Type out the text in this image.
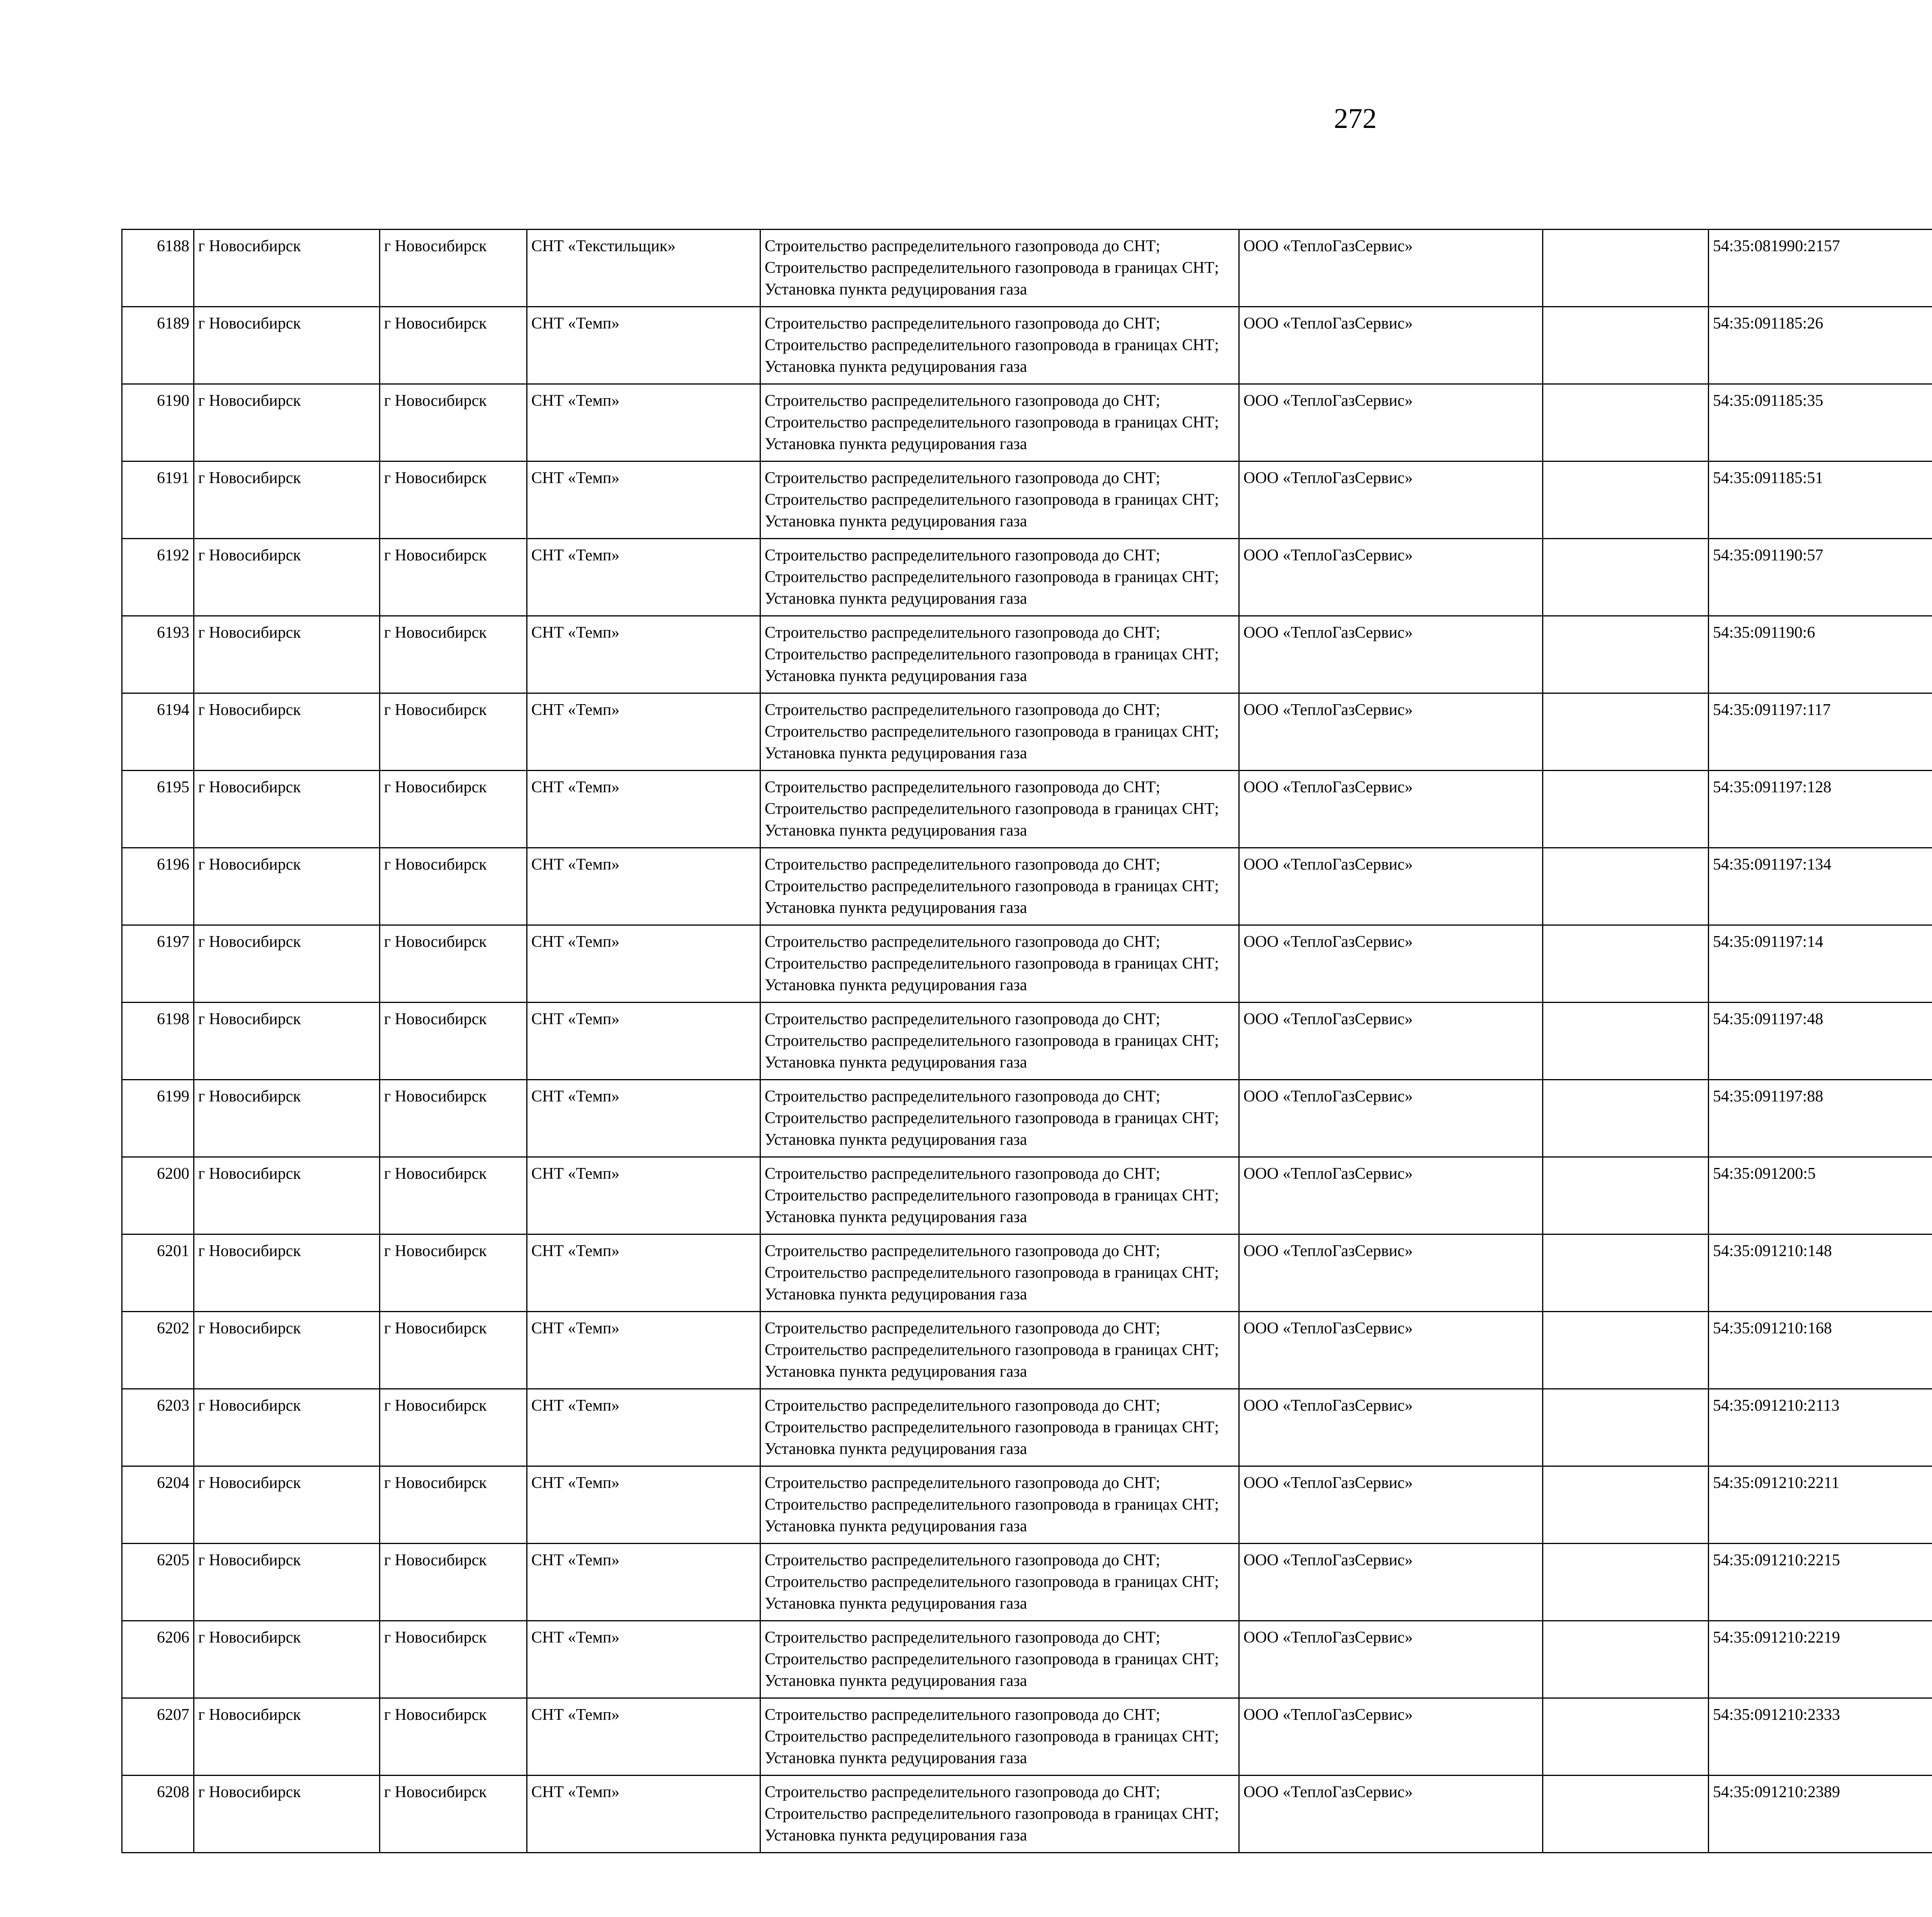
272
6188	г Новосибирск	г Новосибирск	СНТ «Текстильщик»	Строительство распределительного газопровода до СНТ; Строительство распределительного газопровода в границах СНТ; Установка пункта редуцирования газа	ООО «ТеплоГазСервис»		54:35:081990:2157					
6189	г Новосибирск	г Новосибирск	СНТ «Темп»	Строительство распределительного газопровода до СНТ; Строительство распределительного газопровода в границах СНТ; Установка пункта редуцирования газа	ООО «ТеплоГазСервис»		54:35:091185:26					
6190	г Новосибирск	г Новосибирск	СНТ «Темп»	Строительство распределительного газопровода до СНТ; Строительство распределительного газопровода в границах СНТ; Установка пункта редуцирования газа	ООО «ТеплоГазСервис»		54:35:091185:35					
6191	г Новосибирск	г Новосибирск	СНТ «Темп»	Строительство распределительного газопровода до СНТ; Строительство распределительного газопровода в границах СНТ; Установка пункта редуцирования газа	ООО «ТеплоГазСервис»		54:35:091185:51					
6192	г Новосибирск	г Новосибирск	СНТ «Темп»	Строительство распределительного газопровода до СНТ; Строительство распределительного газопровода в границах СНТ; Установка пункта редуцирования газа	ООО «ТеплоГазСервис»		54:35:091190:57					
6193	г Новосибирск	г Новосибирск	СНТ «Темп»	Строительство распределительного газопровода до СНТ; Строительство распределительного газопровода в границах СНТ; Установка пункта редуцирования газа	ООО «ТеплоГазСервис»		54:35:091190:6					
6194	г Новосибирск	г Новосибирск	СНТ «Темп»	Строительство распределительного газопровода до СНТ; Строительство распределительного газопровода в границах СНТ; Установка пункта редуцирования газа	ООО «ТеплоГазСервис»		54:35:091197:117					
6195	г Новосибирск	г Новосибирск	СНТ «Темп»	Строительство распределительного газопровода до СНТ; Строительство распределительного газопровода в границах СНТ; Установка пункта редуцирования газа	ООО «ТеплоГазСервис»		54:35:091197:128					
6196	г Новосибирск	г Новосибирск	СНТ «Темп»	Строительство распределительного газопровода до СНТ; Строительство распределительного газопровода в границах СНТ; Установка пункта редуцирования газа	ООО «ТеплоГазСервис»		54:35:091197:134					
6197	г Новосибирск	г Новосибирск	СНТ «Темп»	Строительство распределительного газопровода до СНТ; Строительство распределительного газопровода в границах СНТ; Установка пункта редуцирования газа	ООО «ТеплоГазСервис»		54:35:091197:14					
6198	г Новосибирск	г Новосибирск	СНТ «Темп»	Строительство распределительного газопровода до СНТ; Строительство распределительного газопровода в границах СНТ; Установка пункта редуцирования газа	ООО «ТеплоГазСервис»		54:35:091197:48					
6199	г Новосибирск	г Новосибирск	СНТ «Темп»	Строительство распределительного газопровода до СНТ; Строительство распределительного газопровода в границах СНТ; Установка пункта редуцирования газа	ООО «ТеплоГазСервис»		54:35:091197:88					
6200	г Новосибирск	г Новосибирск	СНТ «Темп»	Строительство распределительного газопровода до СНТ; Строительство распределительного газопровода в границах СНТ; Установка пункта редуцирования газа	ООО «ТеплоГазСервис»		54:35:091200:5					
6201	г Новосибирск	г Новосибирск	СНТ «Темп»	Строительство распределительного газопровода до СНТ; Строительство распределительного газопровода в границах СНТ; Установка пункта редуцирования газа	ООО «ТеплоГазСервис»		54:35:091210:148					
6202	г Новосибирск	г Новосибирск	СНТ «Темп»	Строительство распределительного газопровода до СНТ; Строительство распределительного газопровода в границах СНТ; Установка пункта редуцирования газа	ООО «ТеплоГазСервис»		54:35:091210:168					
6203	г Новосибирск	г Новосибирск	СНТ «Темп»	Строительство распределительного газопровода до СНТ; Строительство распределительного газопровода в границах СНТ; Установка пункта редуцирования газа	ООО «ТеплоГазСервис»		54:35:091210:2113					
6204	г Новосибирск	г Новосибирск	СНТ «Темп»	Строительство распределительного газопровода до СНТ; Строительство распределительного газопровода в границах СНТ; Установка пункта редуцирования газа	ООО «ТеплоГазСервис»		54:35:091210:2211					
6205	г Новосибирск	г Новосибирск	СНТ «Темп»	Строительство распределительного газопровода до СНТ; Строительство распределительного газопровода в границах СНТ; Установка пункта редуцирования газа	ООО «ТеплоГазСервис»		54:35:091210:2215					
6206	г Новосибирск	г Новосибирск	СНТ «Темп»	Строительство распределительного газопровода до СНТ; Строительство распределительного газопровода в границах СНТ; Установка пункта редуцирования газа	ООО «ТеплоГазСервис»		54:35:091210:2219					
6207	г Новосибирск	г Новосибирск	СНТ «Темп»	Строительство распределительного газопровода до СНТ; Строительство распределительного газопровода в границах СНТ; Установка пункта редуцирования газа	ООО «ТеплоГазСервис»		54:35:091210:2333					
6208	г Новосибирск	г Новосибирск	СНТ «Темп»	Строительство распределительного газопровода до СНТ; Строительство распределительного газопровода в границах СНТ; Установка пункта редуцирования газа	ООО «ТеплоГазСервис»		54:35:091210:2389					
